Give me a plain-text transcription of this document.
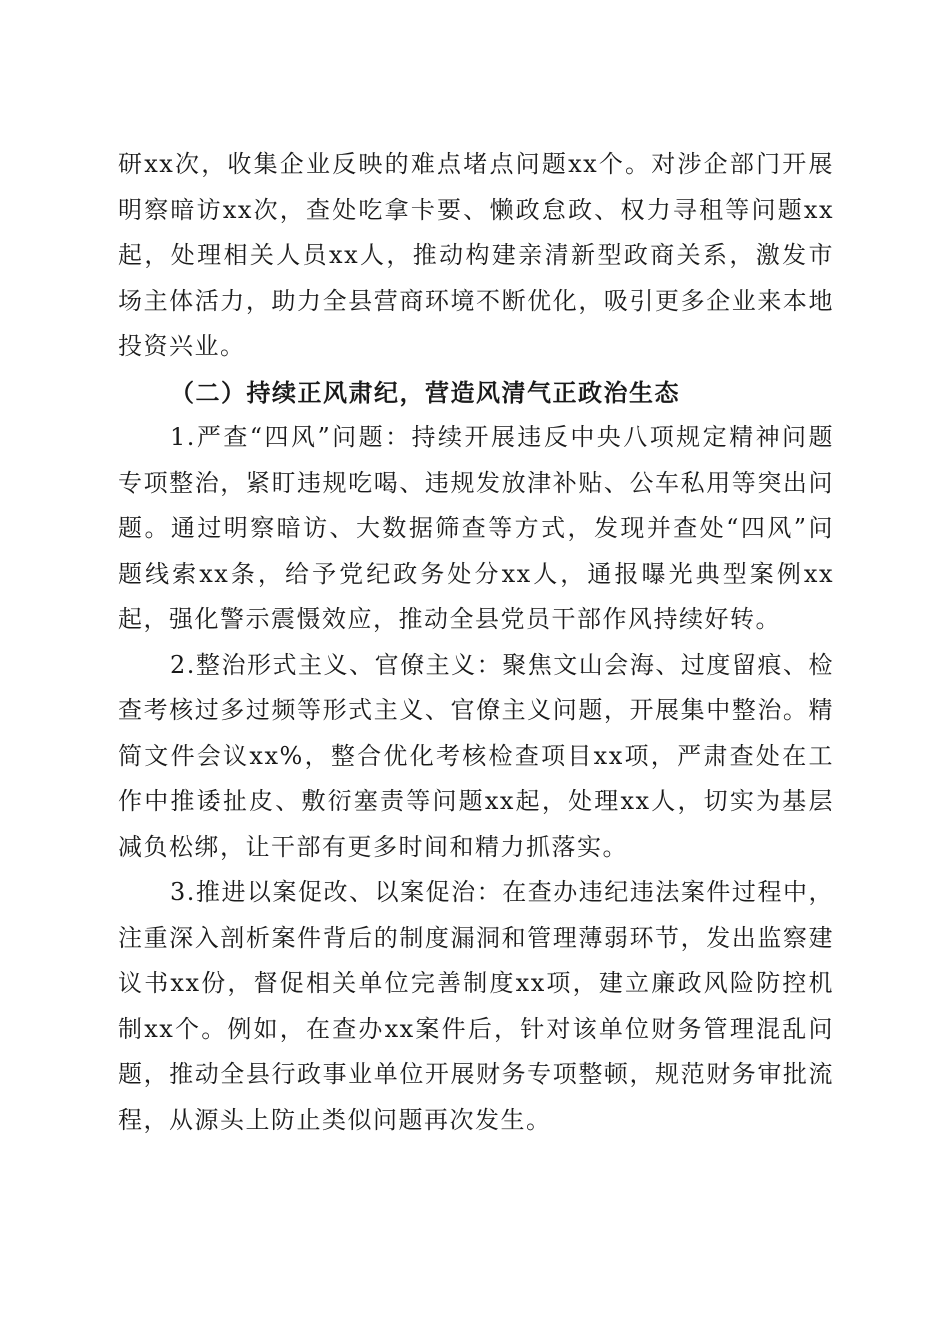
研xx次，收集企业反映的难点堵点问题xx个。对涉企部门开展明察暗访xx次，查处吃拿卡要、懒政怠政、权力寻租等问题xx起，处理相关人员xx人，推动构建亲清新型政商关系，激发市场主体活力，助力全县营商环境不断优化，吸引更多企业来本地投资兴业。

（二）持续正风肃纪，营造风清气正政治生态

1.严查“四风”问题：持续开展违反中央八项规定精神问题专项整治，紧盯违规吃喝、违规发放津补贴、公车私用等突出问题。通过明察暗访、大数据筛查等方式，发现并查处“四风”问题线索xx条，给予党纪政务处分xx人，通报曝光典型案例xx起，强化警示震慑效应，推动全县党员干部作风持续好转。

2.整治形式主义、官僚主义：聚焦文山会海、过度留痕、检查考核过多过频等形式主义、官僚主义问题，开展集中整治。精简文件会议xx%，整合优化考核检查项目xx项，严肃查处在工作中推诿扯皮、敷衍塞责等问题xx起，处理xx人，切实为基层减负松绑，让干部有更多时间和精力抓落实。

3.推进以案促改、以案促治：在查办违纪违法案件过程中，注重深入剖析案件背后的制度漏洞和管理薄弱环节，发出监察建议书xx份，督促相关单位完善制度xx项，建立廉政风险防控机制xx个。例如，在查办xx案件后，针对该单位财务管理混乱问题，推动全县行政事业单位开展财务专项整顿，规范财务审批流程，从源头上防止类似问题再次发生。
